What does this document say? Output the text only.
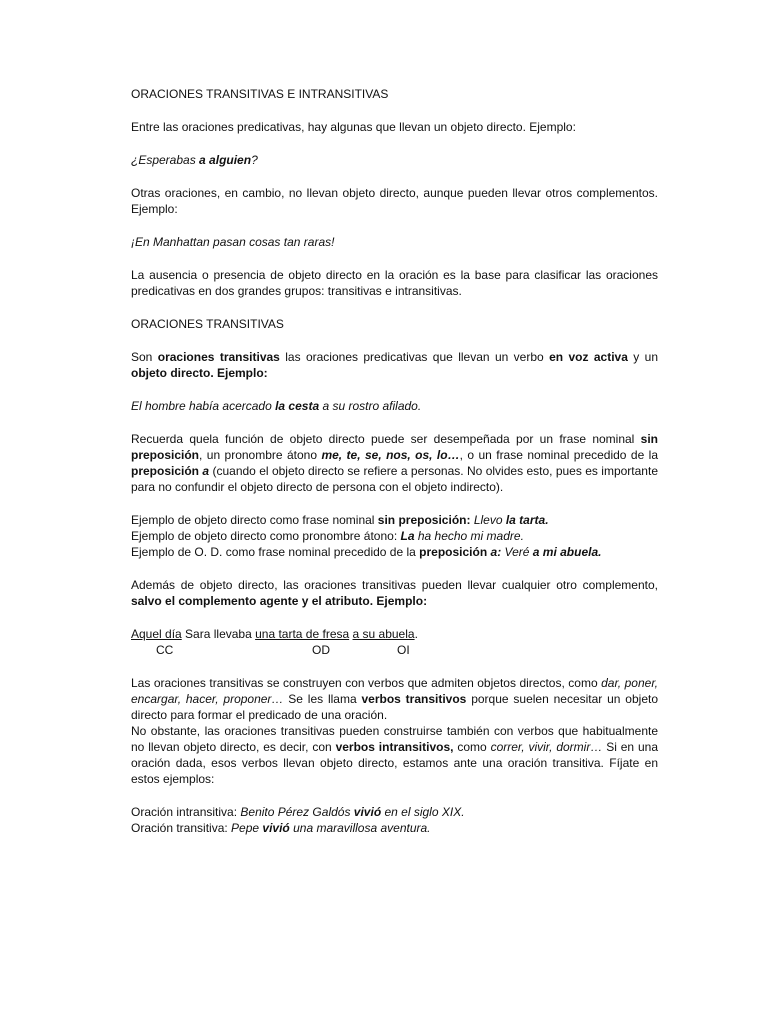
ORACIONES TRANSITIVAS E INTRANSITIVAS

Entre las oraciones predicativas, hay algunas que llevan un objeto directo. Ejemplo:

¿Esperabas a alguien?

Otras oraciones, en cambio, no llevan objeto directo, aunque pueden llevar otros complementos. Ejemplo:

¡En Manhattan pasan cosas tan raras!

La ausencia o presencia de objeto directo en la oración es la base para clasificar las oraciones predicativas en dos grandes grupos: transitivas e intransitivas.

ORACIONES TRANSITIVAS

Son oraciones transitivas las oraciones predicativas que llevan un verbo en voz activa y un objeto directo. Ejemplo:

El hombre había acercado la cesta a su rostro afilado.

Recuerda quela función de objeto directo puede ser desempeñada por un frase nominal sin preposición, un pronombre átono me, te, se, nos, os, lo…, o un frase nominal precedido de la preposición a (cuando el objeto directo se refiere a personas. No olvides esto, pues es importante para no confundir el objeto directo de persona con el objeto indirecto).

Ejemplo de objeto directo como frase nominal sin preposición: Llevo la tarta.

Ejemplo de objeto directo como pronombre átono: La ha hecho mi madre.

Ejemplo de O. D. como frase nominal precedido de la preposición a: Veré a mi abuela.

Además de objeto directo, las oraciones transitivas pueden llevar cualquier otro complemento, salvo el complemento agente y el atributo. Ejemplo:

Aquel día Sara llevaba una tarta de fresa a su abuela.

CC	OD	OI

Las oraciones transitivas se construyen con verbos que admiten objetos directos, como dar, poner, encargar, hacer, proponer… Se les llama verbos transitivos porque suelen necesitar un objeto directo para formar el predicado de una oración.

No obstante, las oraciones transitivas pueden construirse también con verbos que habitualmente no llevan objeto directo, es decir, con verbos intransitivos, como correr, vivir, dormir… Si en una oración dada, esos verbos llevan objeto directo, estamos ante una oración transitiva. Fíjate en estos ejemplos:

Oración intransitiva: Benito Pérez Galdós vivió en el siglo XIX.

Oración transitiva: Pepe vivió una maravillosa aventura.
